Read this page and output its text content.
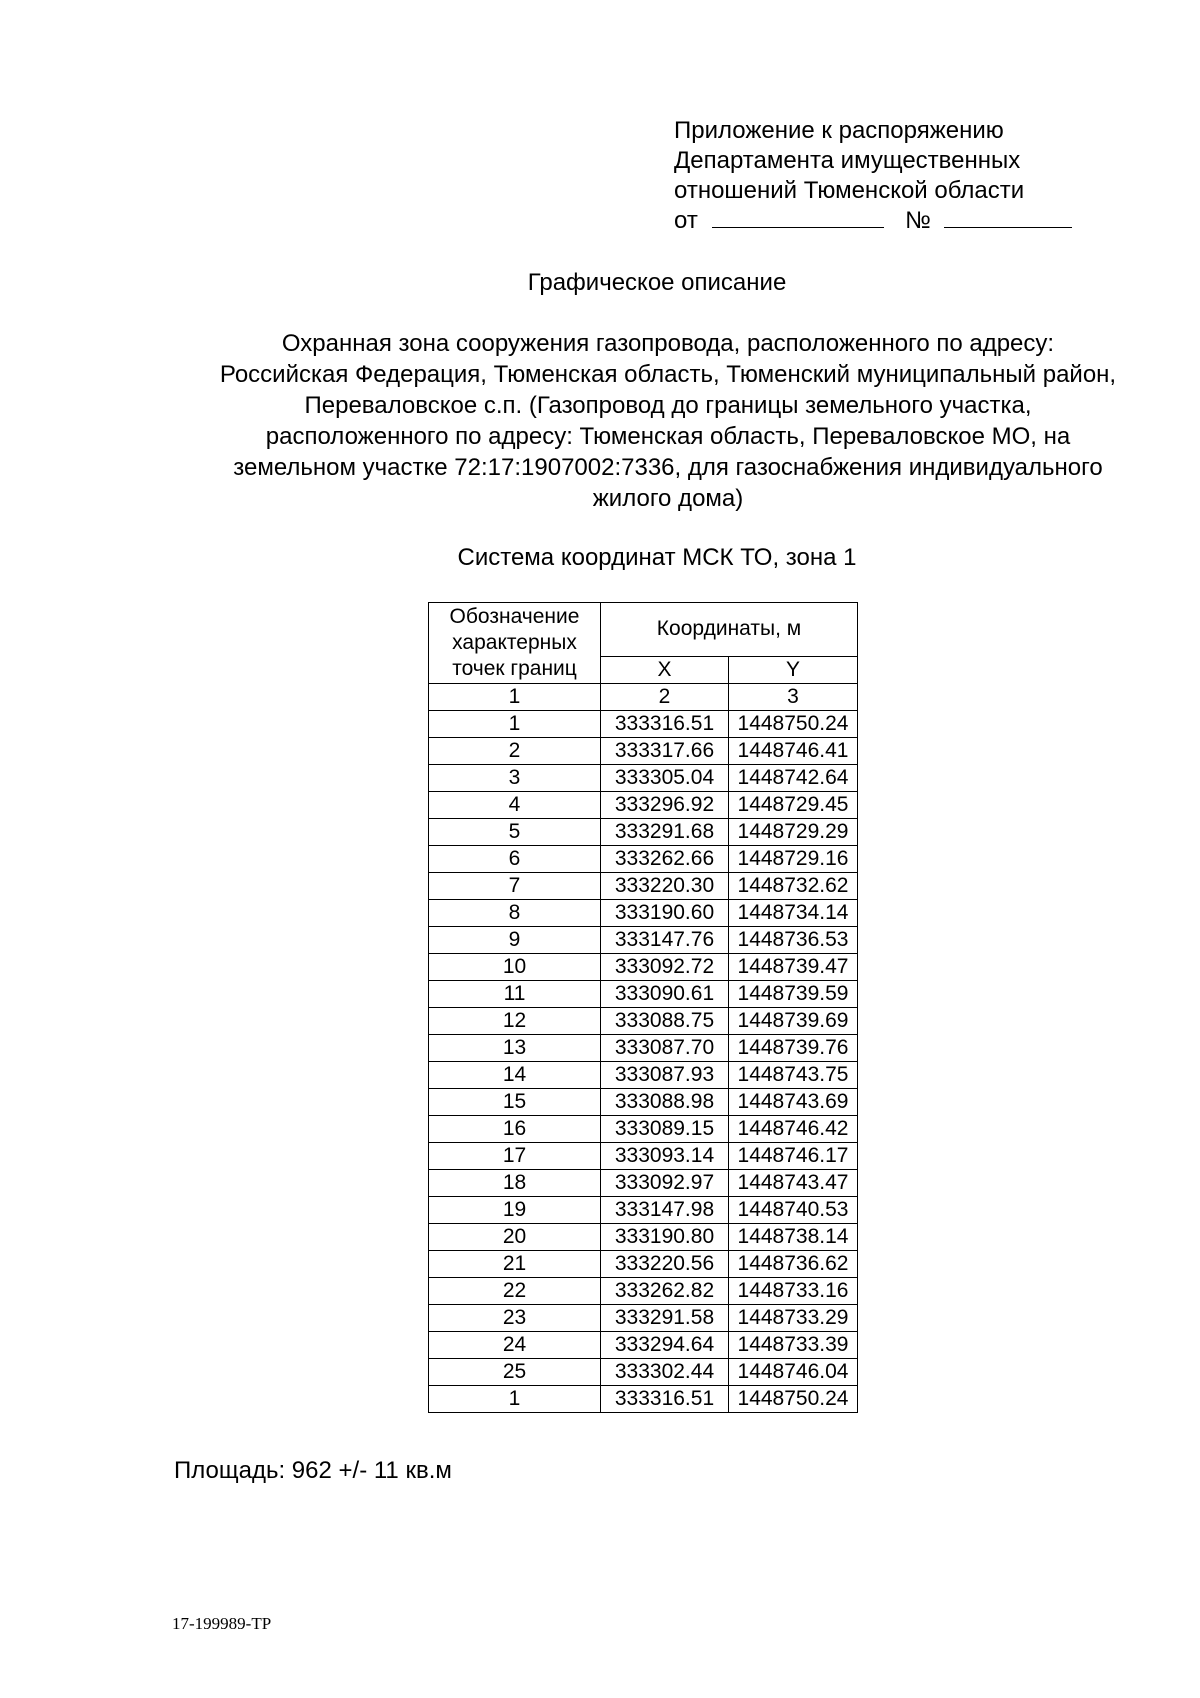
Приложение к распоряжению
Департамента имущественных
отношений Тюменской области
от	№
Графическое описание
Охранная зона сооружения газопровода, расположенного по адресу:
Российская Федерация, Тюменская область, Тюменский муниципальный район,
Переваловское с.п. (Газопровод до границы земельного участка,
расположенного по адресу: Тюменская область, Переваловское МО, на
земельном участке 72:17:1907002:7336, для газоснабжения индивидуального
жилого дома)
Система координат МСК ТО, зона 1
Обозначение
характерных
точек границ	Координаты, м	
	X	Y
1	2	3
1	333316.51	1448750.24
2	333317.66	1448746.41
3	333305.04	1448742.64
4	333296.92	1448729.45
5	333291.68	1448729.29
6	333262.66	1448729.16
7	333220.30	1448732.62
8	333190.60	1448734.14
9	333147.76	1448736.53
10	333092.72	1448739.47
11	333090.61	1448739.59
12	333088.75	1448739.69
13	333087.70	1448739.76
14	333087.93	1448743.75
15	333088.98	1448743.69
16	333089.15	1448746.42
17	333093.14	1448746.17
18	333092.97	1448743.47
19	333147.98	1448740.53
20	333190.80	1448738.14
21	333220.56	1448736.62
22	333262.82	1448733.16
23	333291.58	1448733.29
24	333294.64	1448733.39
25	333302.44	1448746.04
1	333316.51	1448750.24
Площадь: 962 +/- 11 кв.м
17-199989-TP
